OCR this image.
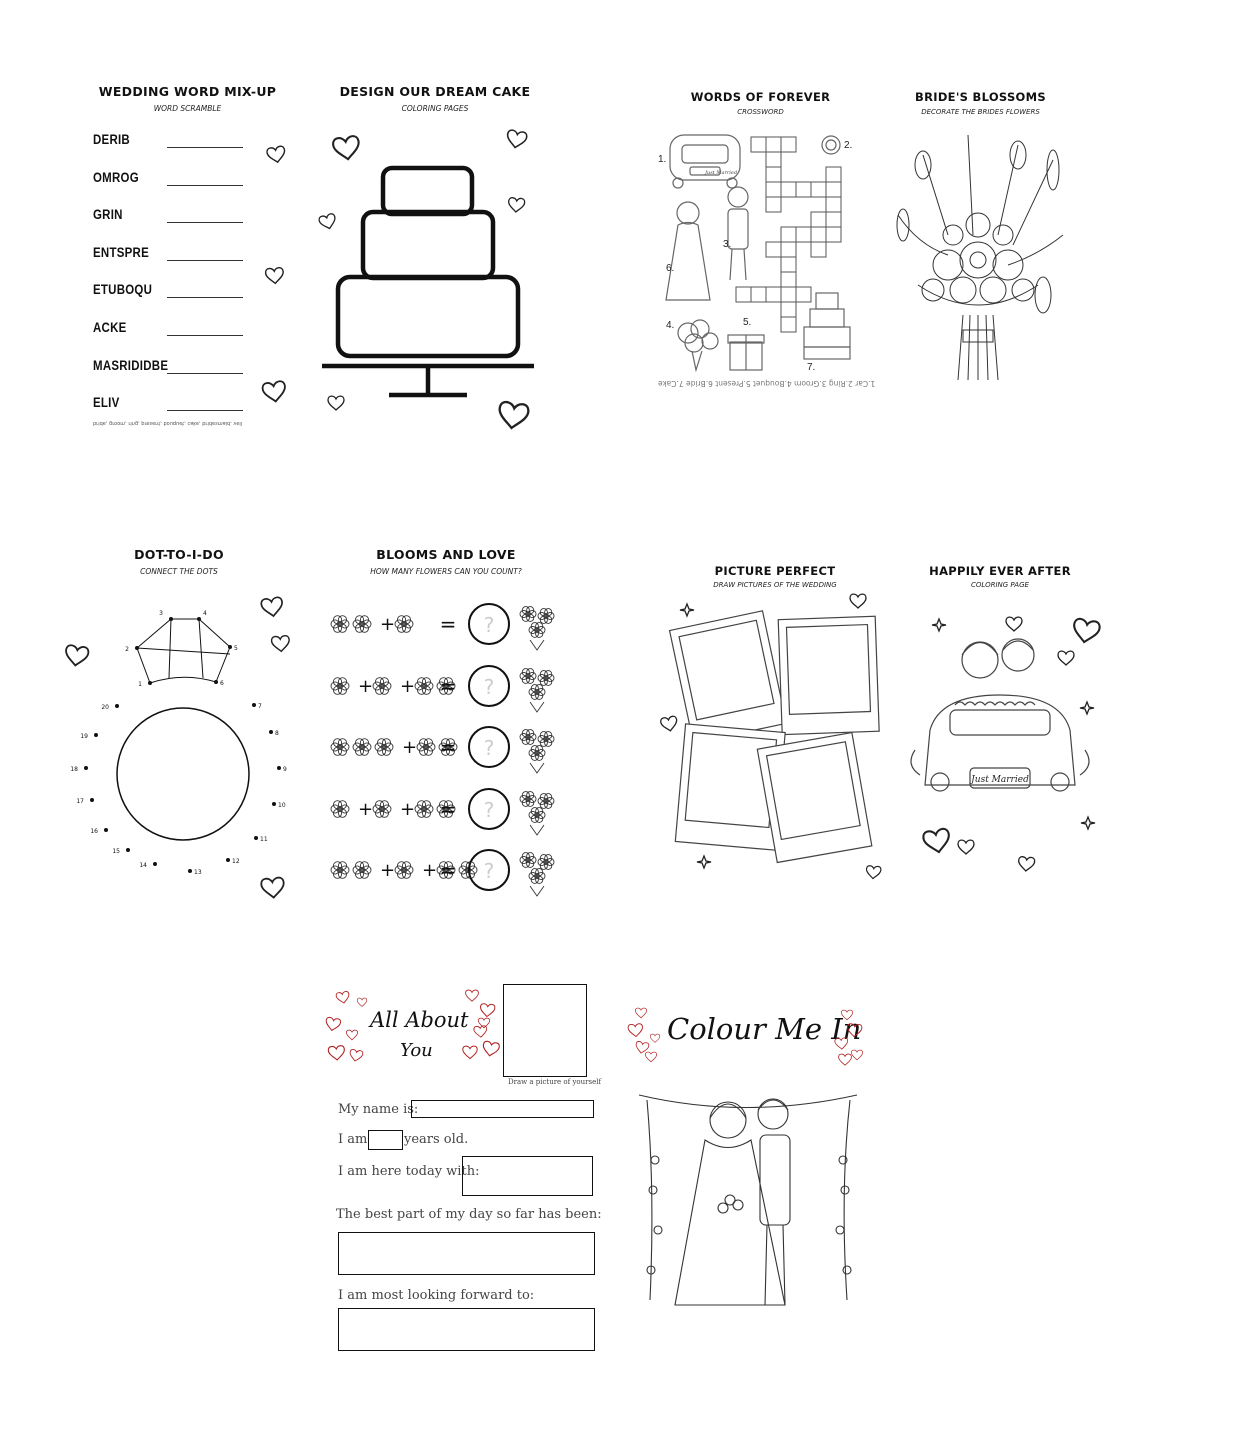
WEDDING WORD MIX-UP
WORD SCRAMBLE
DERIB
OMROG
GRIN
ENTSPRE
ETUBOQU
ACKE
MASRIDIDBE
ELIV
bride, groom, ring, present, bouquet, cake, bridesmaid, veil
DESIGN OUR DREAM CAKE
COLORING PAGES
WORDS OF FOREVER
CROSSWORD
1.
2.
3.
4.	5.
6.
7.
Just Married
1.Car 2.Ring 3.Groom 4.Bouquet 5.Present 6.Bride 7.Cake
BRIDE'S BLOSSOMS
DECORATE THE BRIDES FLOWERS
DOT-TO-I-DO
CONNECT THE DOTS
1
2
3	4
5
6
7
8
9
10
11
12
13
14
15
16
17
18
19
20
BLOOMS AND LOVE
HOW MANY FLOWERS CAN YOU COUNT?
+ = ?
+ + = ?
+ = ?
+ + = ?
+ + = ?
PICTURE PERFECT
DRAW PICTURES OF THE WEDDING
HAPPILY EVER AFTER
COLORING PAGE
Just Married
All About
You
Draw a picture of yourself
My name is:
I am	years old.
I am here today with:
The best part of my day so far has been:
I am most looking forward to:
Colour Me In
